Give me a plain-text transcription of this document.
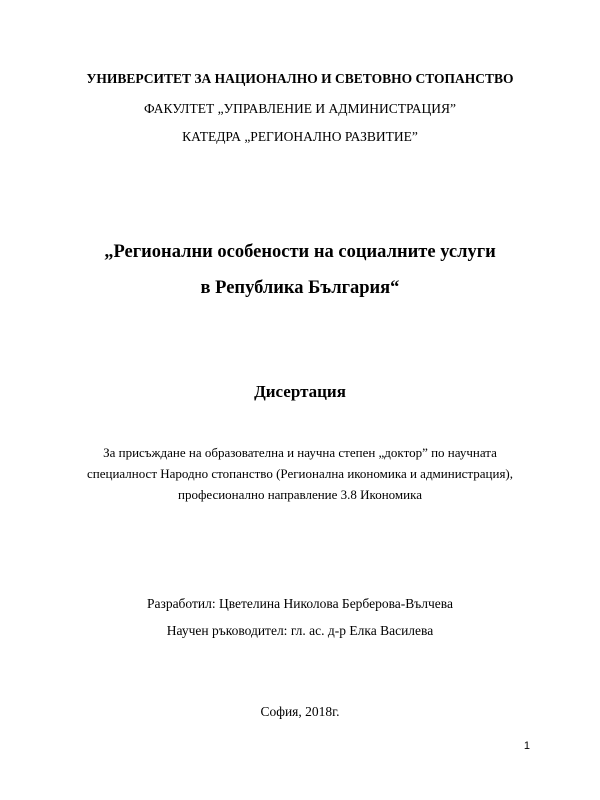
УНИВЕРСИТЕТ ЗА НАЦИОНАЛНО И СВЕТОВНО СТОПАНСТВО
ФАКУЛТЕТ „УПРАВЛЕНИЕ И АДМИНИСТРАЦИЯ”
КАТЕДРА „РЕГИОНАЛНО РАЗВИТИЕ”
„Регионални особености на социалните услуги
в Република България“
Дисертация
За присъждане на образователна и научна степен „доктор” по научната
специалност Народно стопанство (Регионална икономика и администрация),
професионално направление 3.8 Икономика
Разработил: Цветелина Николова Берберова-Вълчева
Научен ръководител: гл. ас. д-р Елка Василева
София, 2018г.
1
